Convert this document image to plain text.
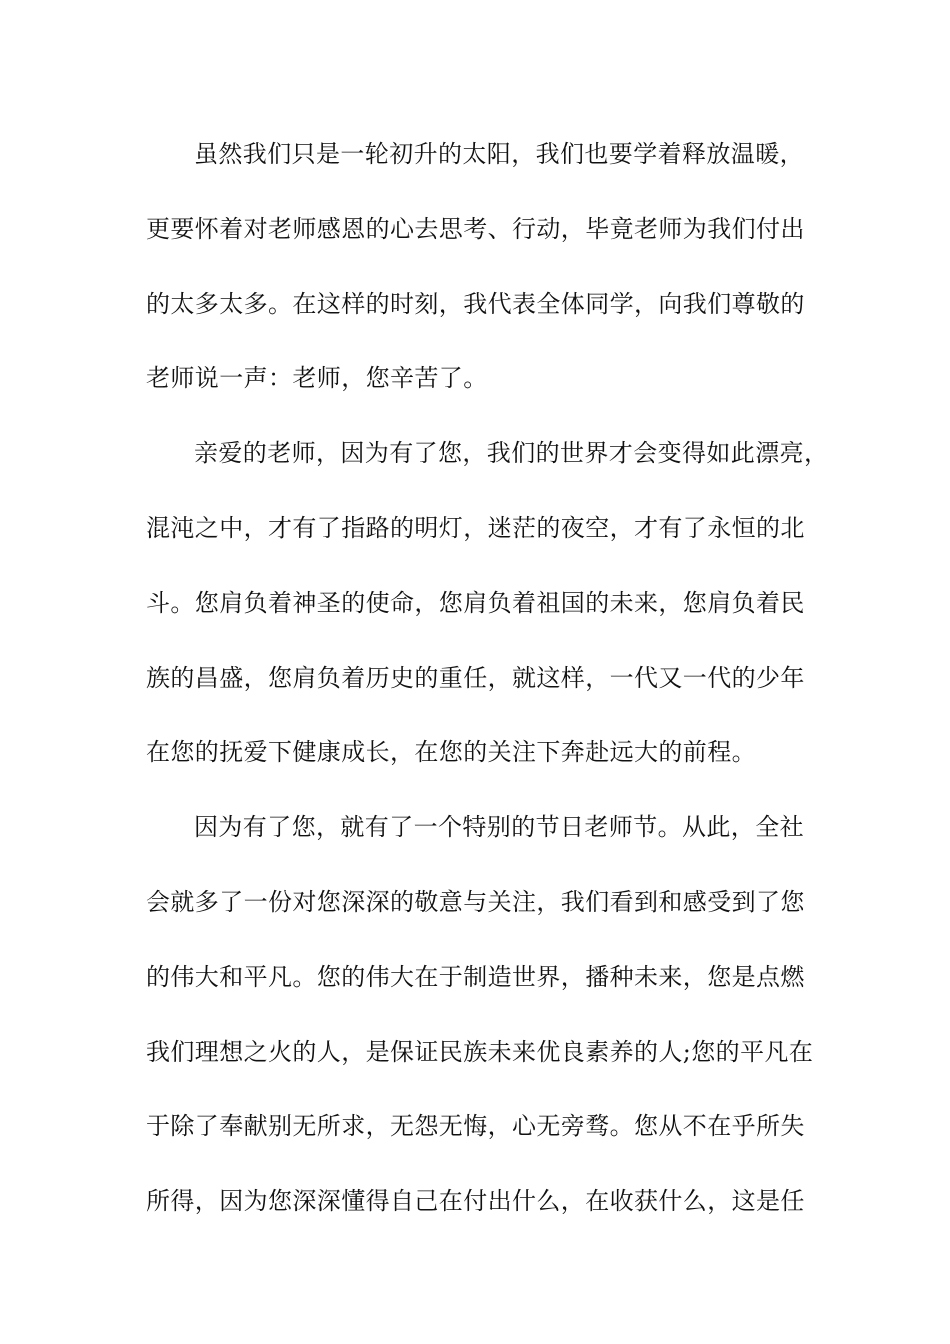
虽然我们只是一轮初升的太阳，我们也要学着释放温暖，
更要怀着对老师感恩的心去思考、行动，毕竟老师为我们付出
的太多太多。在这样的时刻，我代表全体同学，向我们尊敬的
老师说一声：老师，您辛苦了。
亲爱的老师，因为有了您，我们的世界才会变得如此漂亮，
混沌之中，才有了指路的明灯，迷茫的夜空，才有了永恒的北
斗。您肩负着神圣的使命，您肩负着祖国的未来，您肩负着民
族的昌盛，您肩负着历史的重任，就这样，一代又一代的少年
在您的抚爱下健康成长，在您的关注下奔赴远大的前程。
因为有了您，就有了一个特别的节日老师节。从此，全社
会就多了一份对您深深的敬意与关注，我们看到和感受到了您
的伟大和平凡。您的伟大在于制造世界，播种未来，您是点燃
我们理想之火的人，是保证民族未来优良素养的人;您的平凡在
于除了奉献别无所求，无怨无悔，心无旁骛。您从不在乎所失
所得，因为您深深懂得自己在付出什么，在收获什么，这是任
